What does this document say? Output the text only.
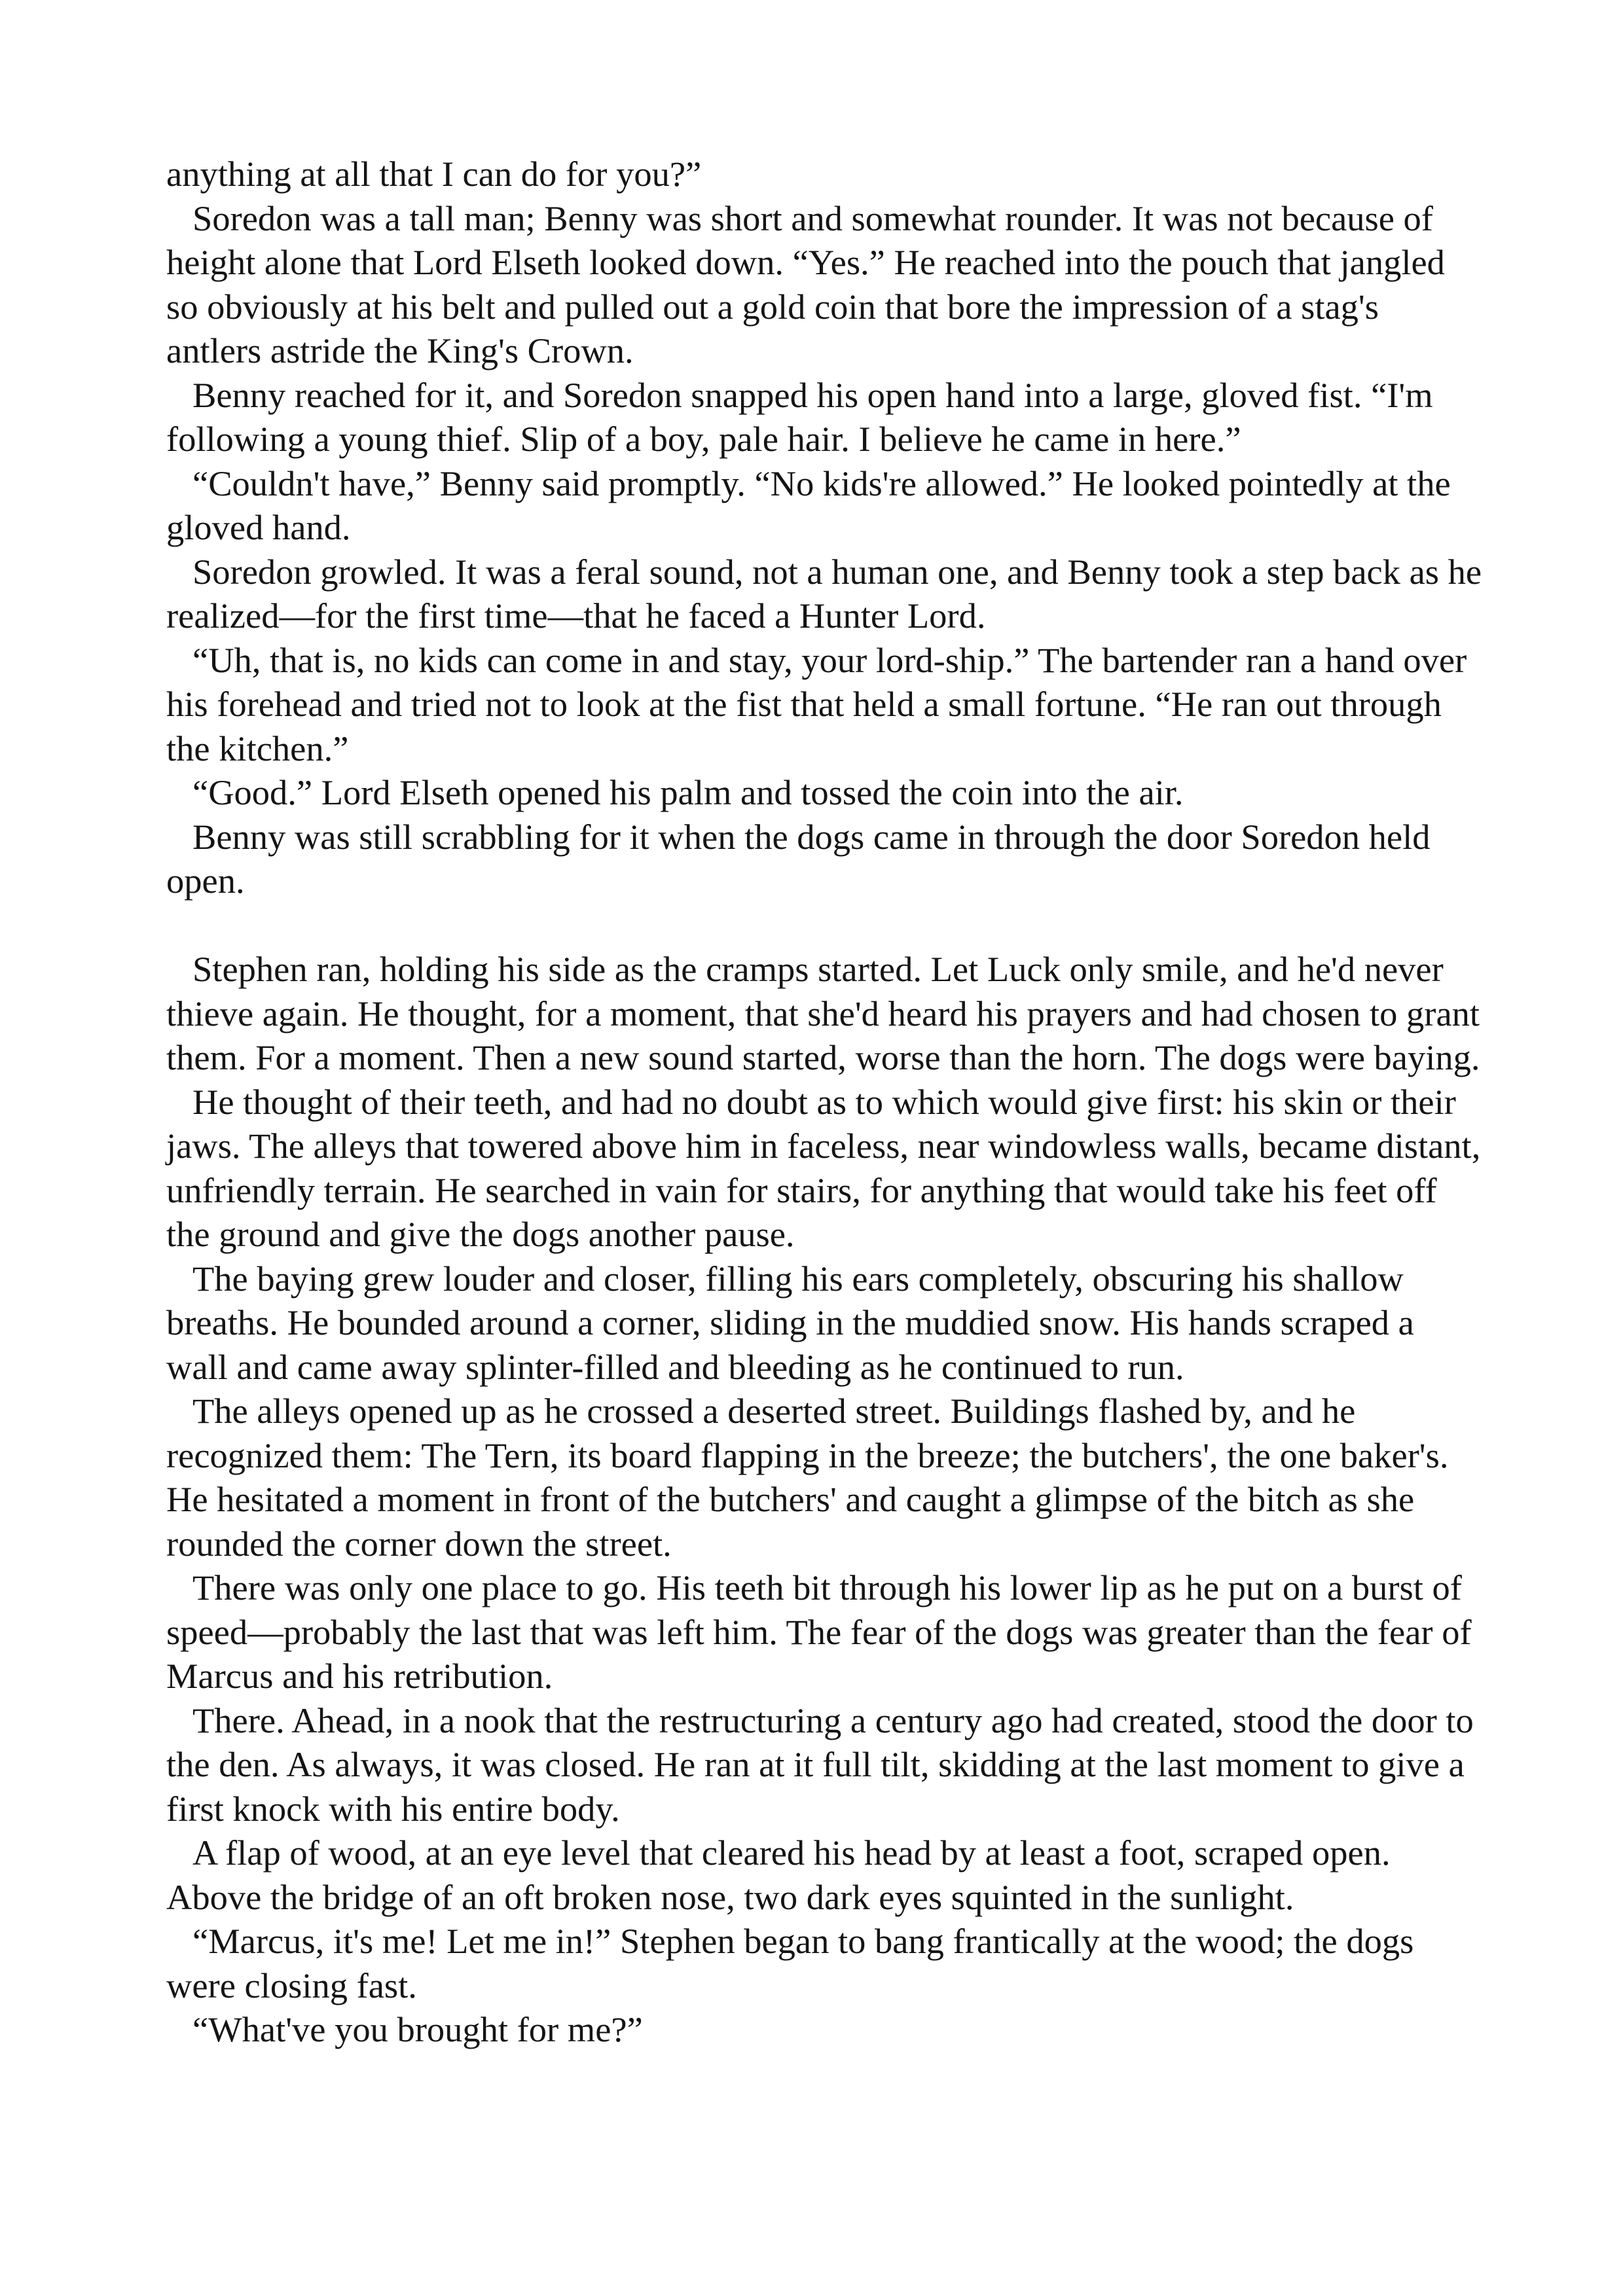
anything at all that I can do for you?”

Soredon was a tall man; Benny was short and somewhat rounder. It was not because of height alone that Lord Elseth looked down. “Yes.” He reached into the pouch that jangled so obviously at his belt and pulled out a gold coin that bore the impression of a stag's antlers astride the King's Crown.

Benny reached for it, and Soredon snapped his open hand into a large, gloved fist. “I'm following a young thief. Slip of a boy, pale hair. I believe he came in here.”

“Couldn't have,” Benny said promptly. “No kids're allowed.” He looked pointedly at the gloved hand.

Soredon growled. It was a feral sound, not a human one, and Benny took a step back as he realized—for the first time—that he faced a Hunter Lord.

“Uh, that is, no kids can come in and stay, your lord-ship.” The bartender ran a hand over his forehead and tried not to look at the fist that held a small fortune. “He ran out through the kitchen.”

“Good.” Lord Elseth opened his palm and tossed the coin into the air.

Benny was still scrabbling for it when the dogs came in through the door Soredon held open.

Stephen ran, holding his side as the cramps started. Let Luck only smile, and he'd never thieve again. He thought, for a moment, that she'd heard his prayers and had chosen to grant them. For a moment. Then a new sound started, worse than the horn. The dogs were baying.

He thought of their teeth, and had no doubt as to which would give first: his skin or their jaws. The alleys that towered above him in faceless, near windowless walls, became distant, unfriendly terrain. He searched in vain for stairs, for anything that would take his feet off the ground and give the dogs another pause.

The baying grew louder and closer, filling his ears completely, obscuring his shallow breaths. He bounded around a corner, sliding in the muddied snow. His hands scraped a wall and came away splinter-filled and bleeding as he continued to run.

The alleys opened up as he crossed a deserted street. Buildings flashed by, and he recognized them: The Tern, its board flapping in the breeze; the butchers', the one baker's. He hesitated a moment in front of the butchers' and caught a glimpse of the bitch as she rounded the corner down the street.

There was only one place to go. His teeth bit through his lower lip as he put on a burst of speed—probably the last that was left him. The fear of the dogs was greater than the fear of Marcus and his retribution.

There. Ahead, in a nook that the restructuring a century ago had created, stood the door to the den. As always, it was closed. He ran at it full tilt, skidding at the last moment to give a first knock with his entire body.

A flap of wood, at an eye level that cleared his head by at least a foot, scraped open. Above the bridge of an oft broken nose, two dark eyes squinted in the sunlight.

“Marcus, it's me! Let me in!” Stephen began to bang frantically at the wood; the dogs were closing fast.

“What've you brought for me?”
